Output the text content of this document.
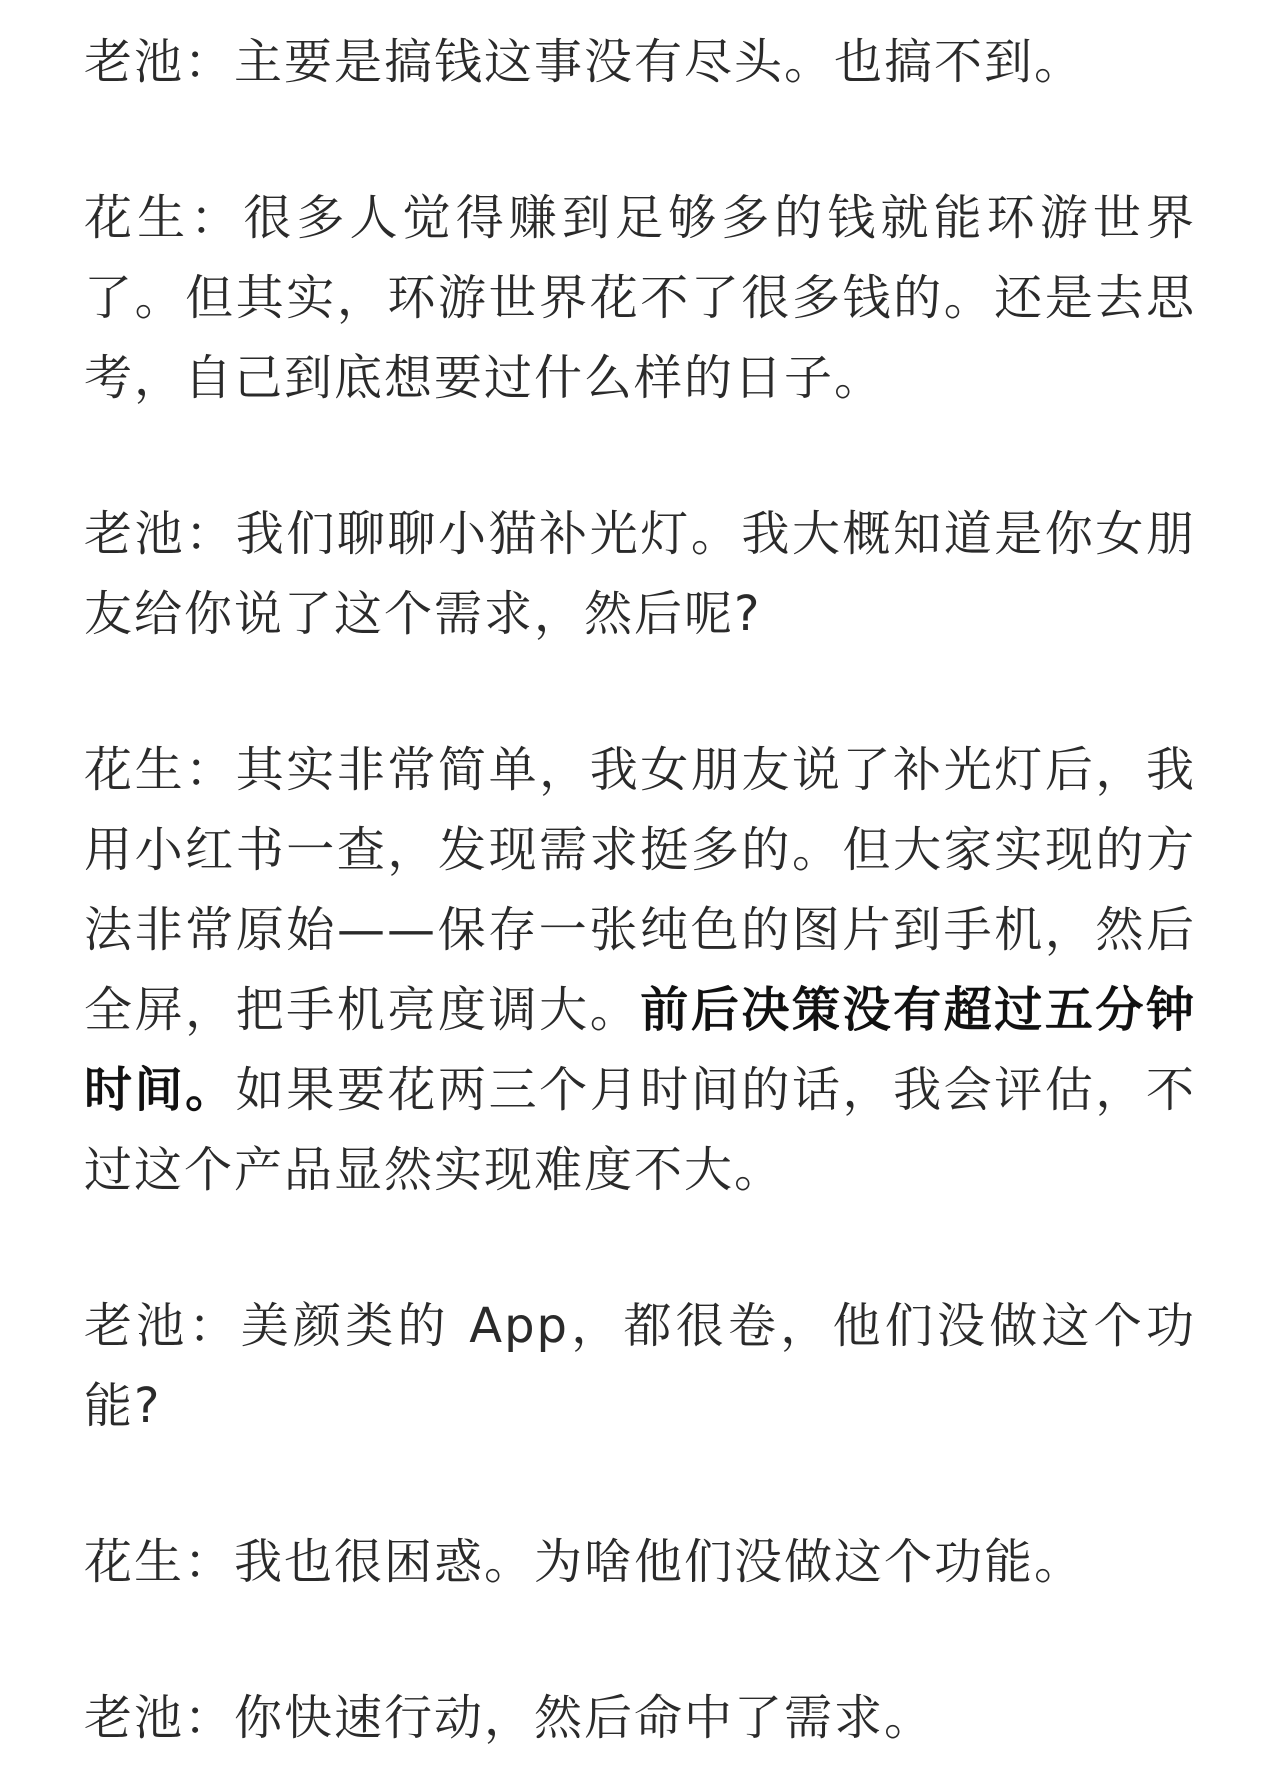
老池：主要是搞钱这事没有尽头。也搞不到。

花生：很多人觉得赚到足够多的钱就能环游世界了。但其实，环游世界花不了很多钱的。还是去思考，自己到底想要过什么样的日子。

老池：我们聊聊小猫补光灯。我大概知道是你女朋友给你说了这个需求，然后呢?

花生：其实非常简单，我女朋友说了补光灯后，我用小红书一查，发现需求挺多的。但大家实现的方法非常原始——保存一张纯色的图片到手机，然后全屏，把手机亮度调大。前后决策没有超过五分钟时间。如果要花两三个月时间的话，我会评估，不过这个产品显然实现难度不大。

老池：美颜类的 App，都很卷，他们没做这个功能?

花生：我也很困惑。为啥他们没做这个功能。

老池：你快速行动，然后命中了需求。
